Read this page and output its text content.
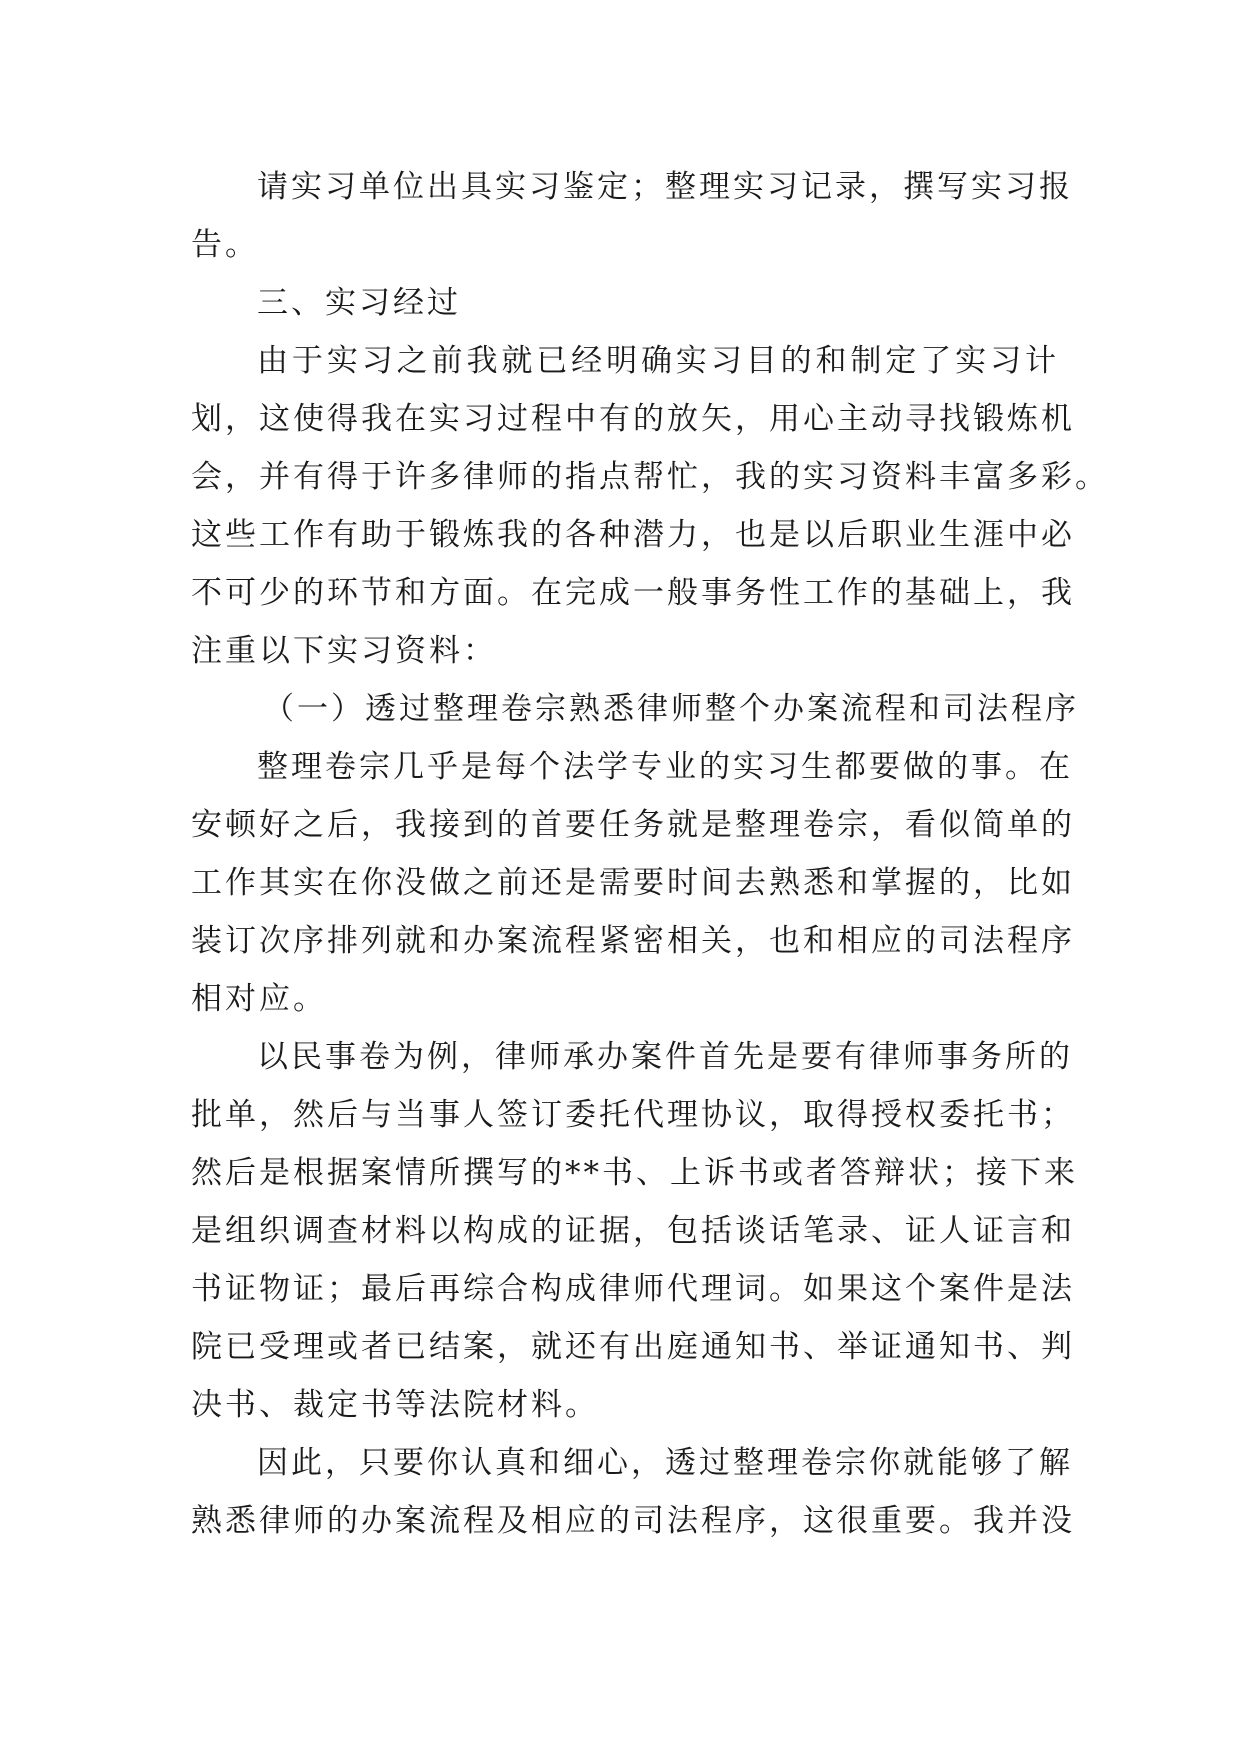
请实习单位出具实习鉴定；整理实习记录，撰写实习报
告。
三、实习经过
由于实习之前我就已经明确实习目的和制定了实习计
划，这使得我在实习过程中有的放矢，用心主动寻找锻炼机
会，并有得于许多律师的指点帮忙，我的实习资料丰富多彩。
这些工作有助于锻炼我的各种潜力，也是以后职业生涯中必
不可少的环节和方面。在完成一般事务性工作的基础上，我
注重以下实习资料：
（一）透过整理卷宗熟悉律师整个办案流程和司法程序
整理卷宗几乎是每个法学专业的实习生都要做的事。在
安顿好之后，我接到的首要任务就是整理卷宗，看似简单的
工作其实在你没做之前还是需要时间去熟悉和掌握的，比如
装订次序排列就和办案流程紧密相关，也和相应的司法程序
相对应。
以民事卷为例，律师承办案件首先是要有律师事务所的
批单，然后与当事人签订委托代理协议，取得授权委托书；
然后是根据案情所撰写的**书、上诉书或者答辩状；接下来
是组织调查材料以构成的证据，包括谈话笔录、证人证言和
书证物证；最后再综合构成律师代理词。如果这个案件是法
院已受理或者已结案，就还有出庭通知书、举证通知书、判
决书、裁定书等法院材料。
因此，只要你认真和细心，透过整理卷宗你就能够了解
熟悉律师的办案流程及相应的司法程序，这很重要。我并没
